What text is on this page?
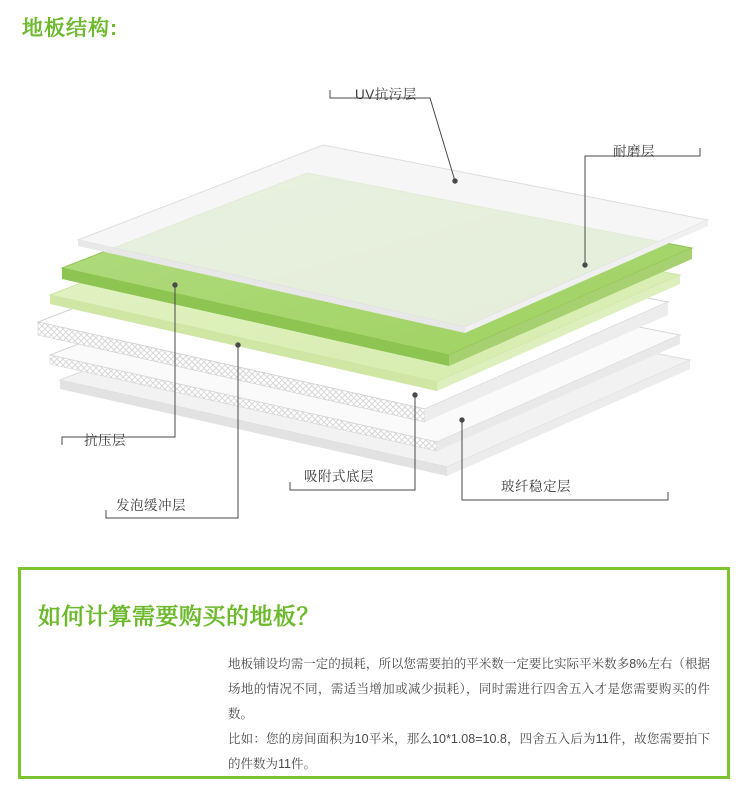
地板结构:
UV抗污层
耐磨层
抗压层
发泡缓冲层
吸附式底层
玻纤稳定层
如何计算需要购买的地板？

地板铺设均需一定的损耗，所以您需要拍的平米数一定要比实际平米数多8%左右（根据场地的情况不同，需适当增加或减少损耗），同时需进行四舍五入才是您需要购买的件数。

比如：您的房间面积为10平米，那么10*1.08=10.8，四舍五入后为11件，故您需要拍下的件数为11件。
